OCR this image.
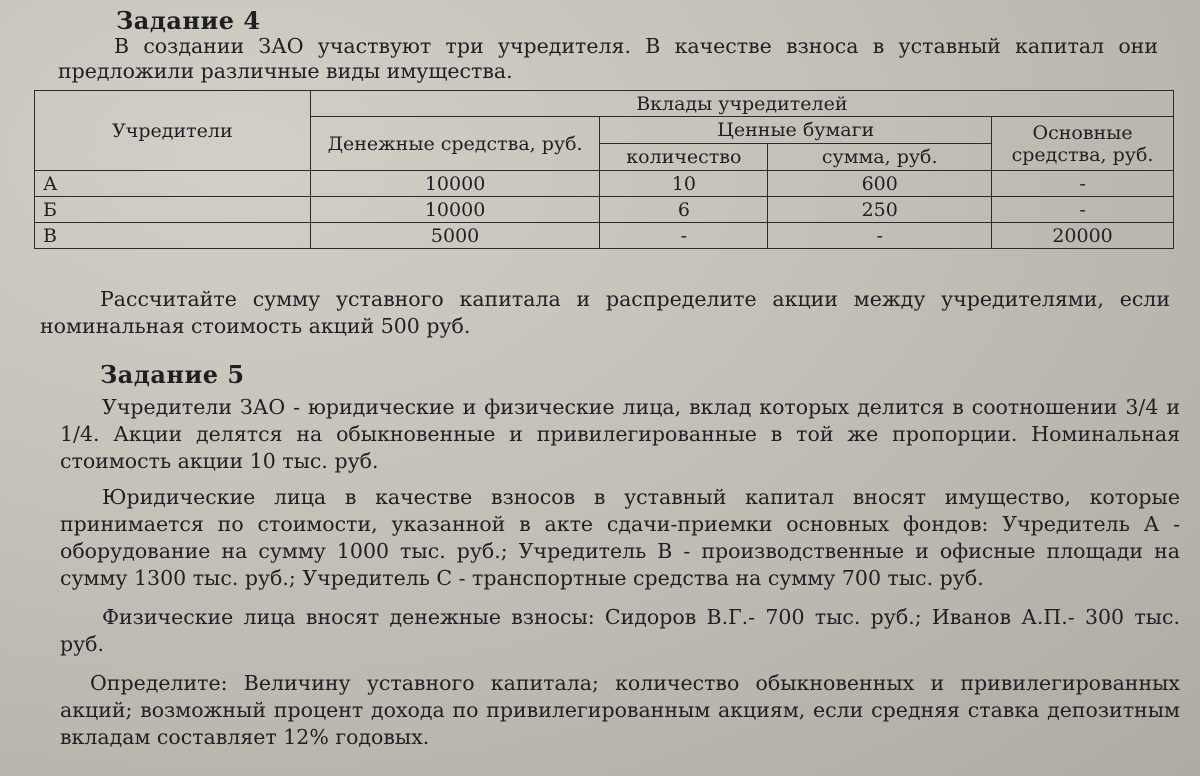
Задание 4
В создании ЗАО участвуют три учредителя. В качестве взноса в уставный капитал они предложили различные виды имущества.
Учредители	Вклады учредителей			
	Денежные средства, руб.	Ценные бумаги		Основные средства, руб.
		количество	сумма, руб.	
А	10000	10	600	-
Б	10000	6	250	-
В	5000	-	-	20000
Рассчитайте сумму уставного капитала и распределите акции между учредителями, если номинальная стоимость акций 500 руб.
Задание 5
Учредители ЗАО - юридические и физические лица, вклад которых делится в соотношении 3/4 и 1/4. Акции делятся на обыкновенные и привилегированные в той же пропорции. Номинальная стоимость акции 10 тыс. руб.
Юридические лица в качестве взносов в уставный капитал вносят имущество, которые принимается по стоимости, указанной в акте сдачи-приемки основных фондов: Учредитель А - оборудование на сумму 1000 тыс. руб.; Учредитель В - производственные и офисные площади на сумму 1300 тыс. руб.; Учредитель С - транспортные средства на сумму 700 тыс. руб.
Физические лица вносят денежные взносы: Сидоров В.Г.- 700 тыс. руб.; Иванов А.П.- 300 тыс. руб.
Определите: Величину уставного капитала; количество обыкновенных и привилегированных акций; возможный процент дохода по привилегированным акциям, если средняя ставка депозитным вкладам составляет 12% годовых.
